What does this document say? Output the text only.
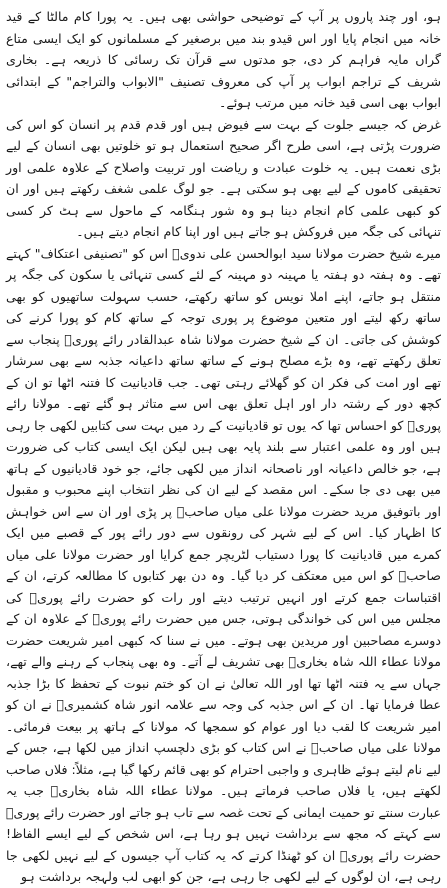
ہو، اور چند پاروں پر آپ کے توضیحی حواشی بھی ہیں۔ یہ پورا کام مالٹا کے قید خانہ میں انجام پایا اور اس قیدو بند میں برصغیر کے مسلمانوں کو ایک ایسی متاع گراں مایہ فراہم کر دی، جو مدتوں سے قرآن تک رسائی کا ذریعہ ہے۔ بخاری شریف کے تراجم ابواب پر آپ کی معروف تصنیف "الابواب والتراجم" کے ابتدائی ابواب بھی اسی قید خانہ میں مرتب ہوئے۔

غرض کہ جیسے جلوت کے بہت سے فیوض ہیں اور قدم قدم پر انسان کو اس کی ضرورت پڑتی ہے، اسی طرح اگر صحیح استعمال ہو تو خلوتیں بھی انسان کے لیے بڑی نعمت ہیں۔ یہ خلوت عبادت و ریاضت اور تربیت واصلاح کے علاوہ علمی اور تحقیقی کاموں کے لیے بھی ہو سکتی ہے۔ جو لوگ علمی شغف رکھتے ہیں اور ان کو کبھی علمی کام انجام دینا ہو وہ شور ہنگامہ کے ماحول سے ہٹ کر کسی تنہائی کی جگہ میں فروکش ہو جاتے ہیں اور اپنا کام انجام دیتے ہیں۔

میرے شیخ حضرت مولانا سید ابوالحسن علی ندویؒ اس کو "تصنیفی اعتکاف" کہتے تھے۔ وہ ہفتہ دو ہفتہ یا مہینہ دو مہینہ کے لئے کسی تنہائی یا سکون کی جگہ پر منتقل ہو جاتے، اپنے املا نویس کو ساتھ رکھتے، حسب سہولت ساتھیوں کو بھی ساتھ رکھ لیتے اور متعین موضوع پر پوری توجہ کے ساتھ کام کو پورا کرنے کی کوشش کی جاتی۔ ان کے شیخ حضرت مولانا شاہ عبدالقادر رائے پوریؒ پنجاب سے تعلق رکھتے تھے، وہ بڑے مصلح ہونے کے ساتھ ساتھ داعیانہ جذبہ سے بھی سرشار تھے اور امت کی فکر ان کو گھلائے رہتی تھی۔ جب قادیانیت کا فتنہ اٹھا تو ان کے کچھ دور کے رشتہ دار اور اہل تعلق بھی اس سے متاثر ہو گئے تھے۔ مولانا رائے پوریؒ کو احساس تھا کہ یوں تو قادیانیت کے رد میں بہت سی کتابیں لکھی جا رہی ہیں اور وہ علمی اعتبار سے بلند پایہ بھی ہیں لیکن ایک ایسی کتاب کی ضرورت ہے، جو خالص داعیانہ اور ناصحانہ انداز میں لکھی جائے، جو خود قادیانیوں کے ہاتھ میں بھی دی جا سکے۔ اس مقصد کے لیے ان کی نظر انتخاب اپنے محبوب و مقبول اور باتوفیق مرید حضرت مولانا علی میاں صاحبؒ پر پڑی اور ان سے اس خواہش کا اظہار کیا۔ اس کے لیے شہر کی رونقوں سے دور رائے پور کے قصبے میں ایک کمرے میں قادیانیت کا پورا دستیاب لٹریچر جمع کرایا اور حضرت مولانا علی میاں صاحبؒ کو اس میں معتکف کر دیا گیا۔ وہ دن بھر کتابوں کا مطالعہ کرتے، ان کے اقتباسات جمع کرتے اور انہیں ترتیب دیتے اور رات کو حضرت رائے پوریؒ کی مجلس میں اس کی خواندگی ہوتی، جس میں حضرت رائے پوریؒ کے علاوہ ان کے دوسرے مصاحبین اور مریدین بھی ہوتے۔ میں نے سنا کہ کبھی امیر شریعت حضرت مولانا عطاء اللہ شاہ بخاریؒ بھی تشریف لے آتے۔ وہ بھی پنجاب کے رہنے والے تھے، جہاں سے یہ فتنہ اٹھا تھا اور اللہ تعالیٰ نے ان کو ختم نبوت کے تحفظ کا بڑا جذبہ عطا فرمایا تھا۔ ان کے اس جذبہ کی وجہ سے علامہ انور شاہ کشمیریؒ نے ان کو امیر شریعت کا لقب دیا اور عوام کو سمجھا کہ مولانا کے ہاتھ پر بیعت فرمائی۔ مولانا علی میاں صاحبؒ نے اس کتاب کو بڑی دلچسپ انداز میں لکھا ہے، جس کے لیے نام لیتے ہوئے ظاہری و واجبی احترام کو بھی قائم رکھا گیا ہے، مثلاً: فلاں صاحب لکھتے ہیں، یا فلاں صاحب فرماتے ہیں۔ مولانا عطاء اللہ شاہ بخاریؒ جب یہ عبارت سنتے تو حمیت ایمانی کے تحت غصہ سے تاب ہو جاتے اور حضرت رائے پوریؒ سے کہتے کہ مجھ سے برداشت نہیں ہو رہا ہے، اس شخص کے لیے ایسے الفاظ! حضرت رائے پوریؒ ان کو ٹھنڈا کرتے کہ یہ کتاب آپ جیسوں کے لیے نہیں لکھی جا رہی ہے، ان لوگوں کے لیے لکھی جا رہی ہے، جن کو ابھی لب ولہجہ برداشت ہو
